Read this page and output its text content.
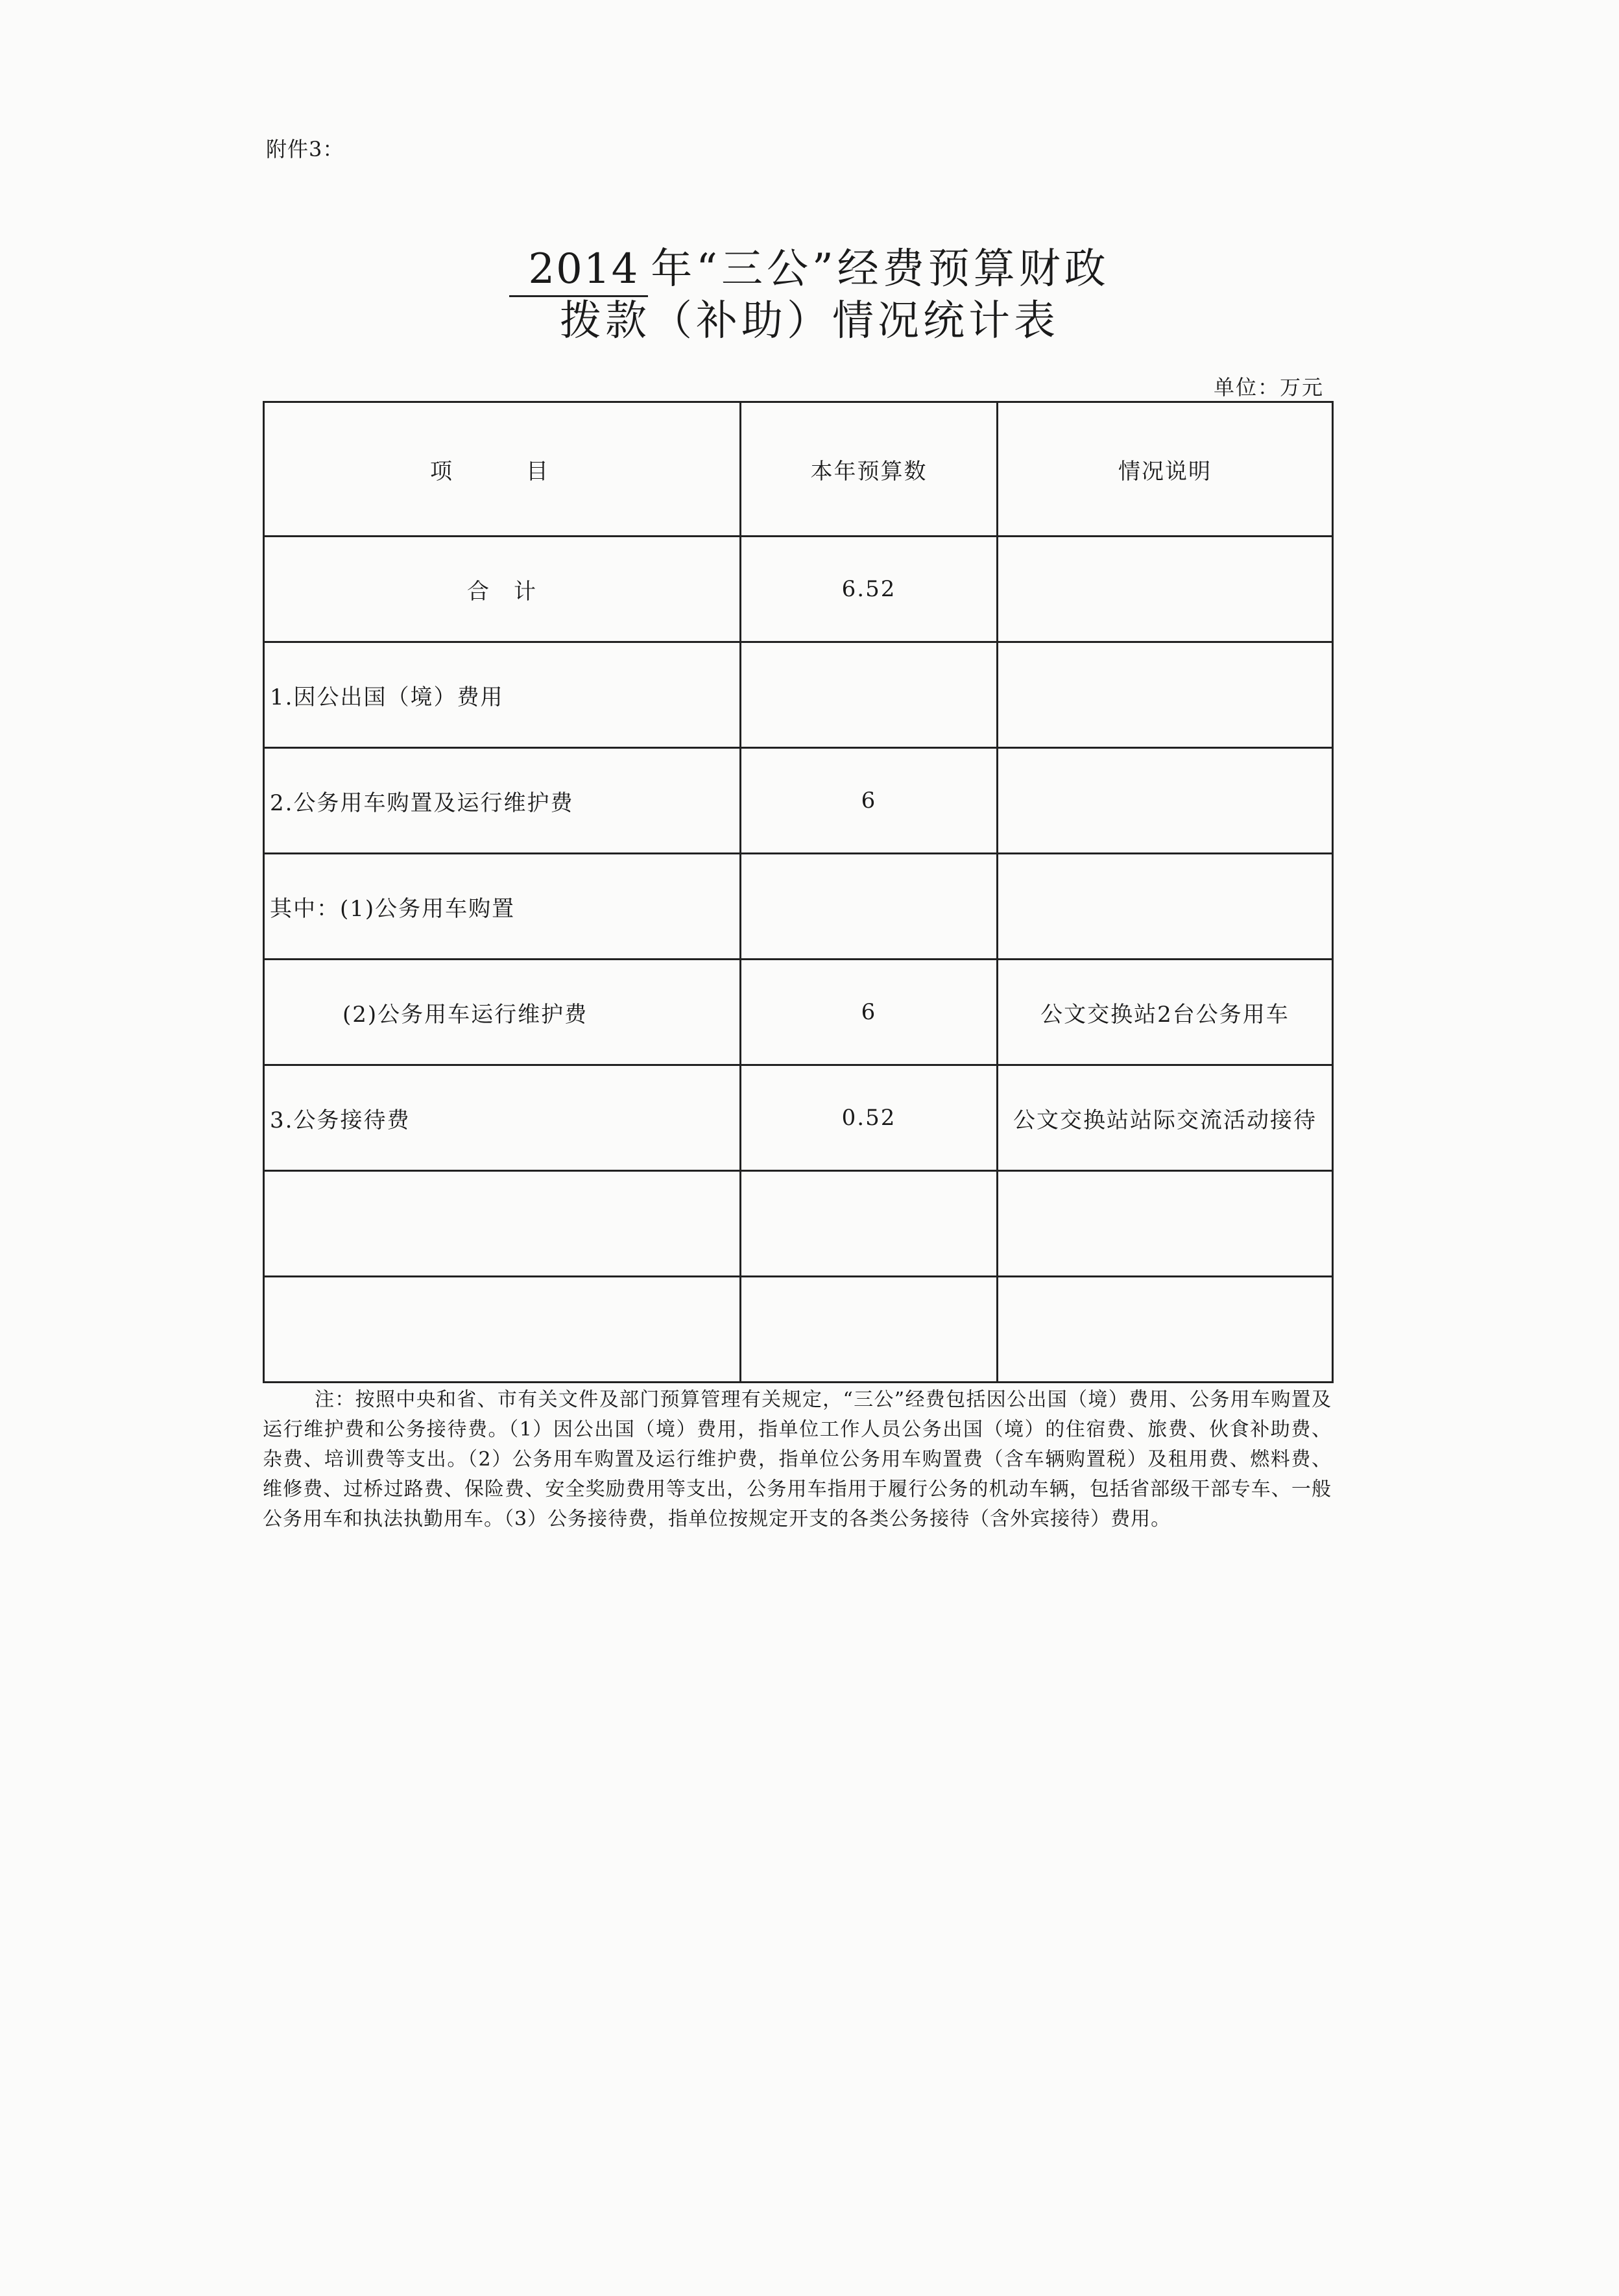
附件3：
2014 年“三公”经费预算财政
拨款（补助）情况统计表
单位：万元
项　目	本年预算数	情况说明
合　计	6.52	
1.因公出国（境）费用		
2.公务用车购置及运行维护费	6	
其中：(1)公务用车购置		
(2)公务用车运行维护费	6	公文交换站2台公务用车
3.公务接待费	0.52	公文交换站站际交流活动接待

注：按照中央和省、市有关文件及部门预算管理有关规定，“三公”经费包括因公出国（境）费用、公务用车购置及运行维护费和公务接待费。（1）因公出国（境）费用，指单位工作人员公务出国（境）的住宿费、旅费、伙食补助费、杂费、培训费等支出。（2）公务用车购置及运行维护费，指单位公务用车购置费（含车辆购置税）及租用费、燃料费、维修费、过桥过路费、保险费、安全奖励费用等支出，公务用车指用于履行公务的机动车辆，包括省部级干部专车、一般公务用车和执法执勤用车。（3）公务接待费，指单位按规定开支的各类公务接待（含外宾接待）费用。
